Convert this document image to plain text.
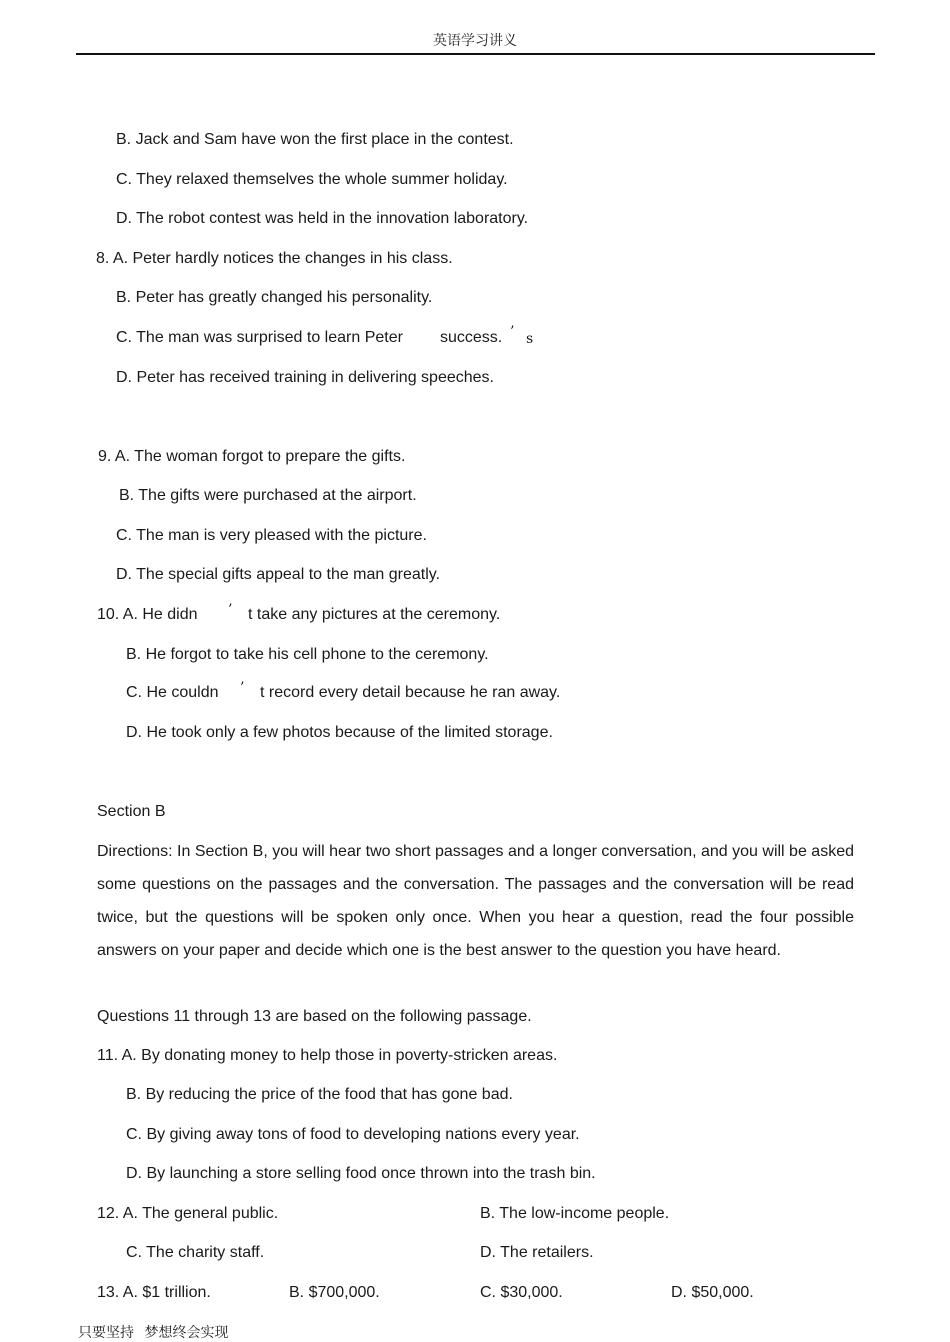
英语学习讲义
B. Jack and Sam have won the first place in the contest.
C. They relaxed themselves the whole summer holiday.
D. The robot contest was held in the innovation laboratory.
8. A. Peter hardly notices the changes in his class.
B. Peter has greatly changed his personality.
C. The man was surprised to learn Peter success. ’ s
D. Peter has received training in delivering speeches.
9. A. The woman forgot to prepare the gifts.
B. The gifts were purchased at the airport.
C. The man is very pleased with the picture.
D. The special gifts appeal to the man greatly.
10. A. He didn ’ t take any pictures at the ceremony.
B. He forgot to take his cell phone to the ceremony.
C. He couldn ’ t record every detail because he ran away.
D. He took only a few photos because of the limited storage.
Section B
Directions: In Section B, you will hear two short passages and a longer conversation, and you will be asked some questions on the passages and the conversation. The passages and the conversation will be read twice, but the questions will be spoken only once. When you hear a question, read the four possible answers on your paper and decide which one is the best answer to the question you have heard.
Questions 11 through 13 are based on the following passage.
11. A. By donating money to help those in poverty-stricken areas.
B. By reducing the price of the food that has gone bad.
C. By giving away tons of food to developing nations every year.
D. By launching a store selling food once thrown into the trash bin.
12. A. The general public.	B. The low-income people.
C. The charity staff.	D. The retailers.
13. A. $1 trillion.	B. $700,000.	C. $30,000.	D. $50,000.
只要坚持 梦想终会实现
